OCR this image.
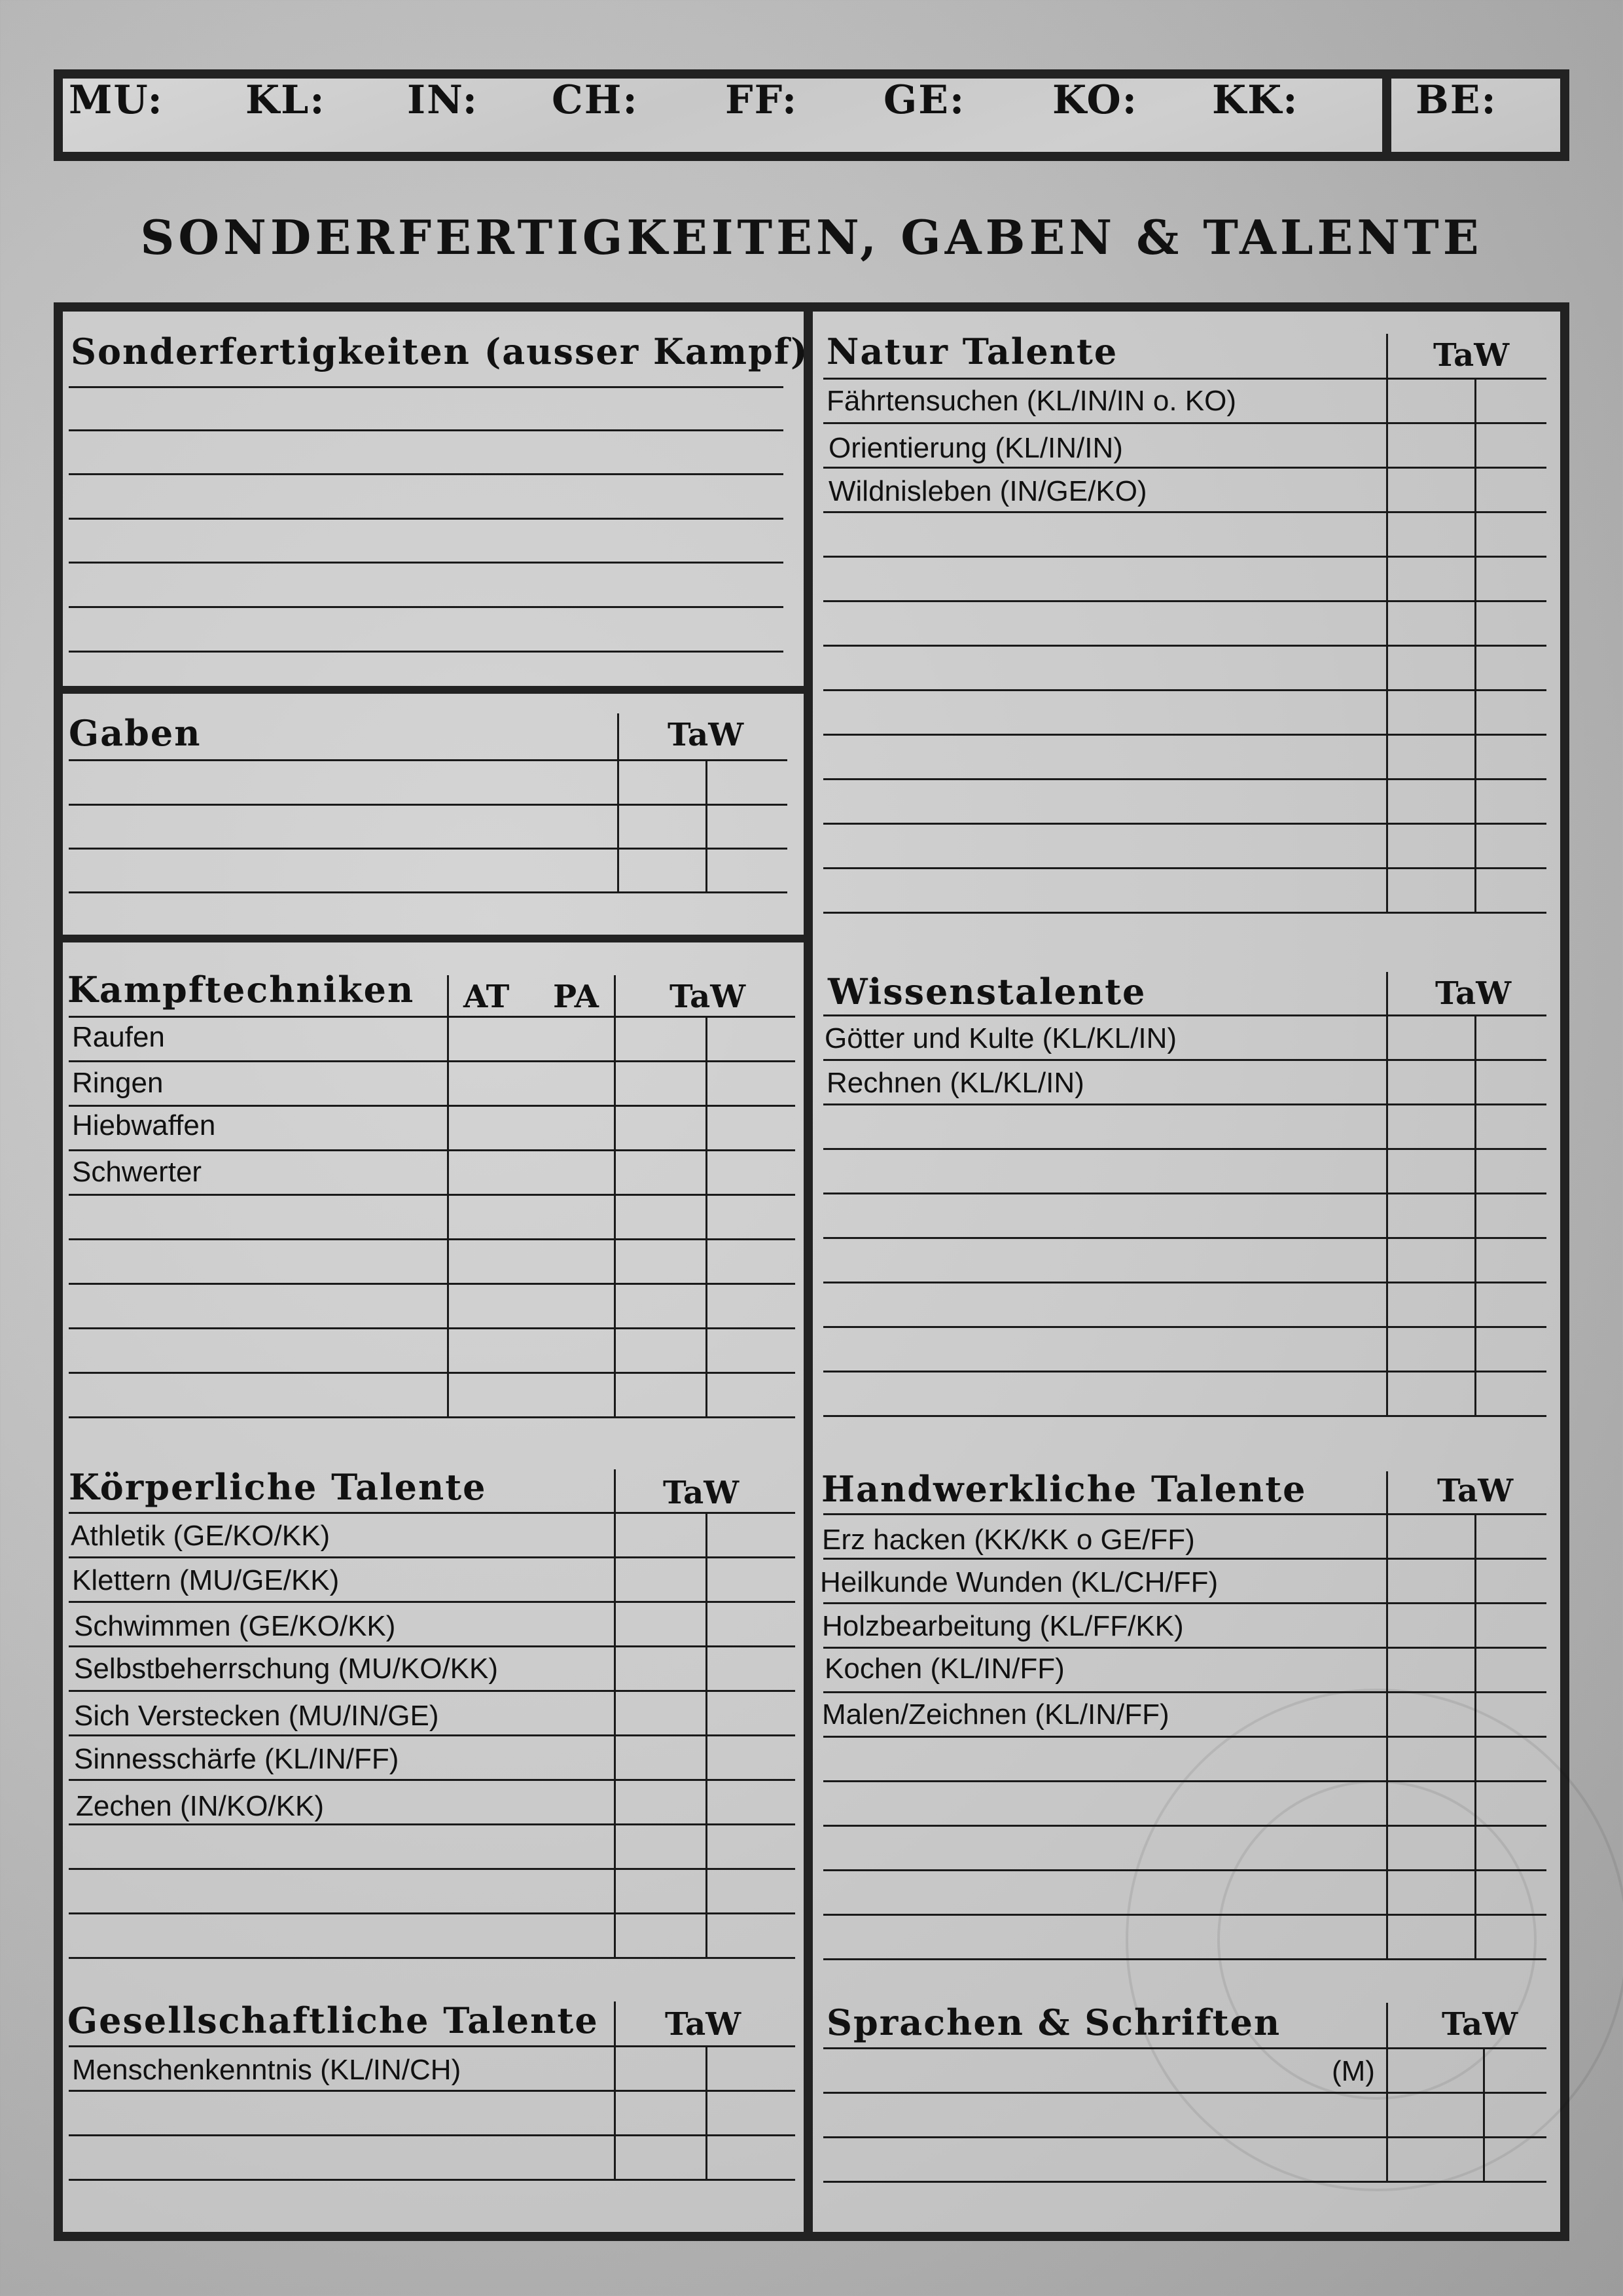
MU: KL: IN: CH: FF: GE: KO: KK:	BE:
SONDERFERTIGKEITEN, GABEN & TALENTE
Sonderfertigkeiten (ausser Kampf)
Gaben	TaW
Kampftechniken AT PA TaW
Raufen
Ringen
Hiebwaffen
Schwerter
Körperliche Talente	TaW
Athletik (GE/KO/KK)
Klettern (MU/GE/KK)
Schwimmen (GE/KO/KK)
Selbstbeherrschung (MU/KO/KK)
Sich Verstecken (MU/IN/GE)
Sinnesschärfe (KL/IN/FF)
Zechen (IN/KO/KK)
Gesellschaftliche Talente TaW
Menschenkenntnis (KL/IN/CH)
Natur Talente	TaW
Fährtensuchen (KL/IN/IN o. KO)
Orientierung (KL/IN/IN)
Wildnisleben (IN/GE/KO)
Wissenstalente	TaW
Götter und Kulte (KL/KL/IN)
Rechnen (KL/KL/IN)
Handwerkliche Talente	TaW
Erz hacken (KK/KK o GE/FF)
Heilkunde Wunden (KL/CH/FF)
Holzbearbeitung (KL/FF/KK)
Kochen (KL/IN/FF)
Malen/Zeichnen (KL/IN/FF)
Sprachen & Schriften	TaW
(M)
